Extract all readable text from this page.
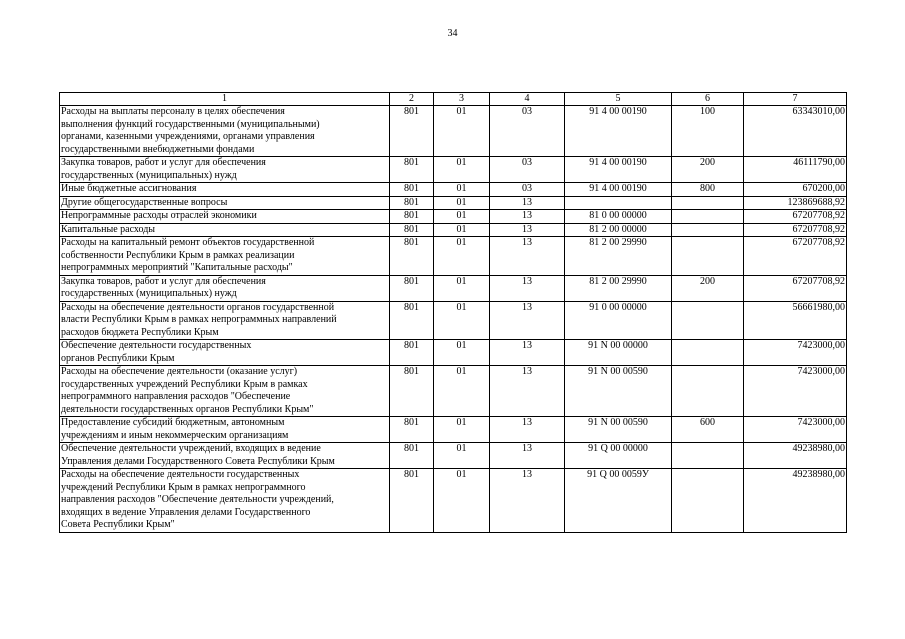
34
1	2	3	4	5	6	7
Расходы на выплаты персоналу в целях обеспечения
выполнения функций государственными (муниципальными)
органами, казенными учреждениями, органами управления
государственными внебюджетными фондами	801	01	03	91 4 00 00190	100	63343010,00
Закупка товаров, работ и услуг для обеспечения
государственных (муниципальных) нужд	801	01	03	91 4 00 00190	200	46111790,00
Иные бюджетные ассигнования	801	01	03	91 4 00 00190	800	670200,00
Другие общегосударственные вопросы	801	01	13			123869688,92
Непрограммные расходы отраслей экономики	801	01	13	81 0 00 00000		67207708,92
Капитальные расходы	801	01	13	81 2 00 00000		67207708,92
Расходы на капитальный ремонт объектов государственной
собственности Республики Крым в рамках реализации
непрограммных мероприятий "Капитальные расходы"	801	01	13	81 2 00 29990		67207708,92
Закупка товаров, работ и услуг для обеспечения
государственных (муниципальных) нужд	801	01	13	81 2 00 29990	200	67207708,92
Расходы на обеспечение деятельности органов государственной
власти Республики Крым в рамках непрограммных направлений
расходов бюджета Республики Крым	801	01	13	91 0 00 00000		56661980,00
Обеспечение деятельности государственных
органов Республики Крым	801	01	13	91 N 00 00000		7423000,00
Расходы на обеспечение деятельности (оказание услуг)
государственных учреждений Республики Крым в рамках
непрограммного направления расходов "Обеспечение
деятельности государственных органов Республики Крым"	801	01	13	91 N 00 00590		7423000,00
Предоставление субсидий бюджетным, автономным
учреждениям и иным некоммерческим организациям	801	01	13	91 N 00 00590	600	7423000,00
Обеспечение деятельности учреждений, входящих в ведение
Управления делами Государственного Совета Республики Крым	801	01	13	91 Q 00 00000		49238980,00
Расходы на обеспечение деятельности государственных
учреждений Республики Крым в рамках непрограммного
направления расходов "Обеспечение деятельности учреждений,
входящих в ведение Управления делами Государственного
Совета Республики Крым"	801	01	13	91 Q 00 0059У		49238980,00
